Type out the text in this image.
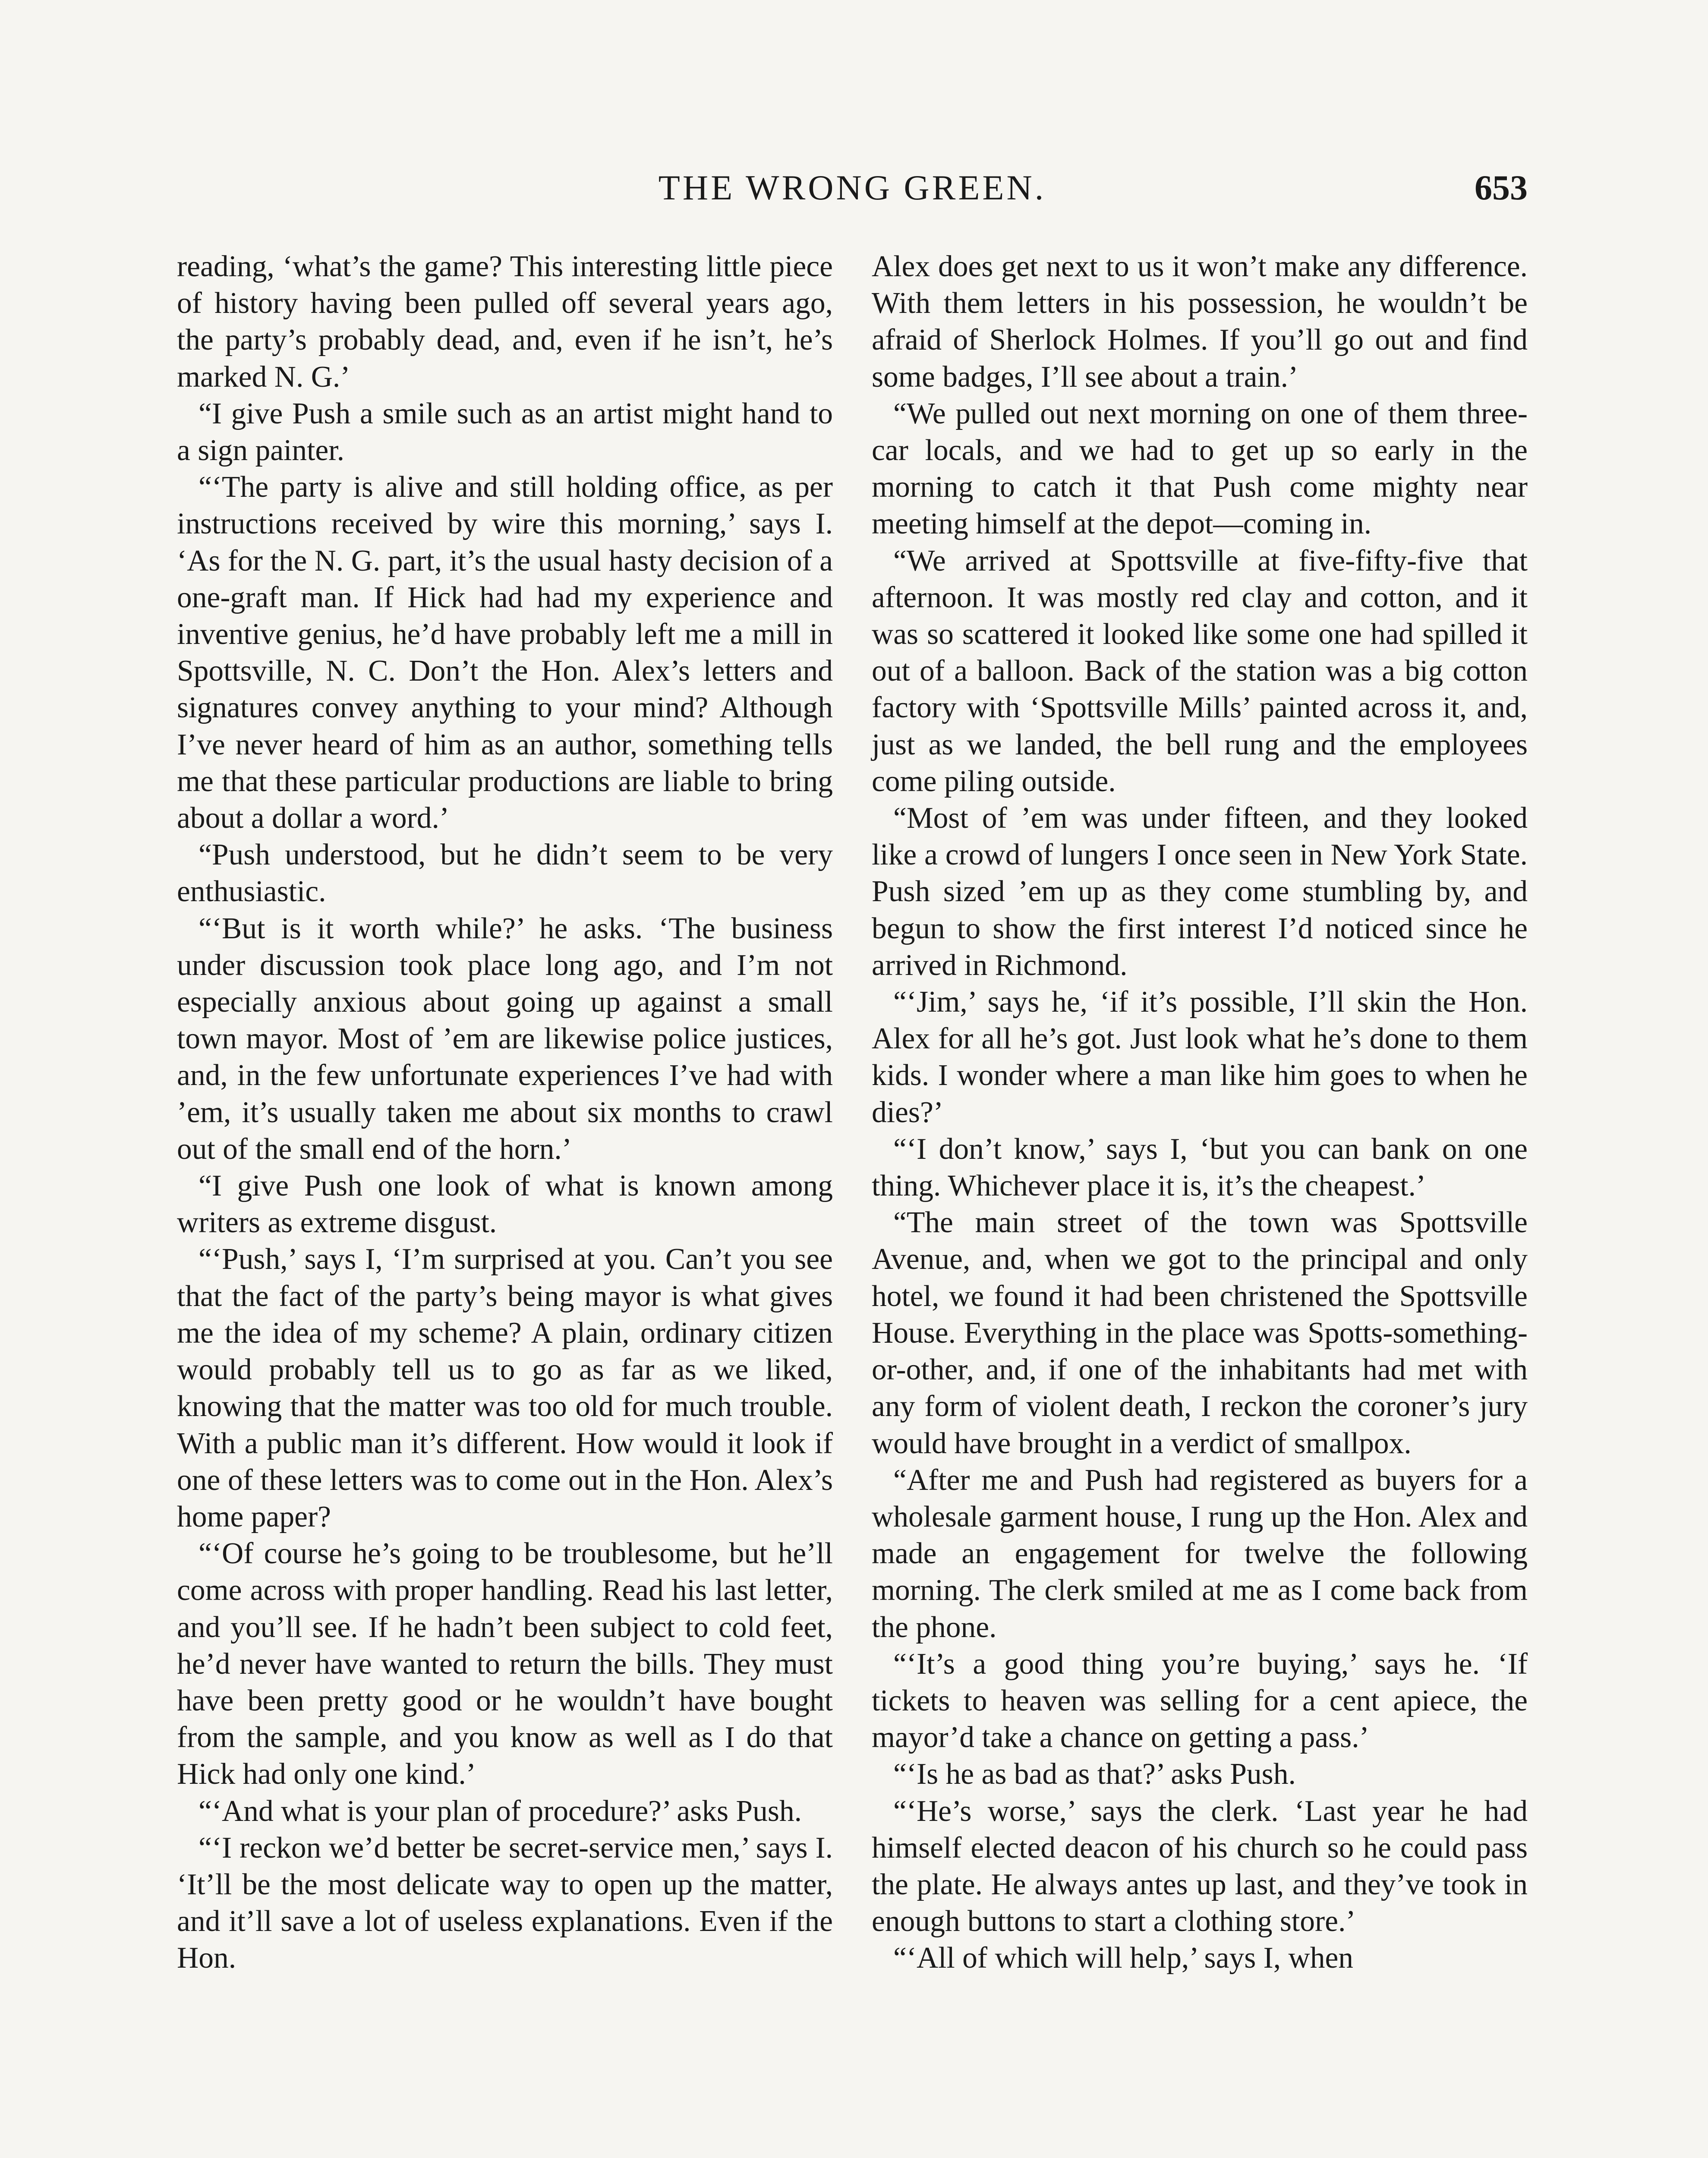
THE WRONG GREEN.	653

reading, ‘what’s the game? This interesting little piece of history having been pulled off several years ago, the party’s probably dead, and, even if he isn’t, he’s marked N. G.’

“I give Push a smile such as an artist might hand to a sign painter.

“‘The party is alive and still holding office, as per instructions received by wire this morning,’ says I. ‘As for the N. G. part, it’s the usual hasty decision of a one-graft man. If Hick had had my experience and inventive genius, he’d have probably left me a mill in Spottsville, N. C. Don’t the Hon. Alex’s letters and signatures convey anything to your mind? Although I’ve never heard of him as an author, something tells me that these particular productions are liable to bring about a dollar a word.’

“Push understood, but he didn’t seem to be very enthusiastic.

“‘But is it worth while?’ he asks. ‘The business under discussion took place long ago, and I’m not especially anxious about going up against a small town mayor. Most of ’em are likewise police justices, and, in the few unfortunate experiences I’ve had with ’em, it’s usually taken me about six months to crawl out of the small end of the horn.’

“I give Push one look of what is known among writers as extreme disgust.

“‘Push,’ says I, ‘I’m surprised at you. Can’t you see that the fact of the party’s being mayor is what gives me the idea of my scheme? A plain, ordinary citizen would probably tell us to go as far as we liked, knowing that the matter was too old for much trouble. With a public man it’s different. How would it look if one of these letters was to come out in the Hon. Alex’s home paper?

“‘Of course he’s going to be troublesome, but he’ll come across with proper handling. Read his last letter, and you’ll see. If he hadn’t been subject to cold feet, he’d never have wanted to return the bills. They must have been pretty good or he wouldn’t have bought from the sample, and you know as well as I do that Hick had only one kind.’

“‘And what is your plan of procedure?’ asks Push.

“‘I reckon we’d better be secret-service men,’ says I. ‘It’ll be the most delicate way to open up the matter, and it’ll save a lot of useless explanations. Even if the Hon.

Alex does get next to us it won’t make any difference. With them letters in his possession, he wouldn’t be afraid of Sherlock Holmes. If you’ll go out and find some badges, I’ll see about a train.’

“We pulled out next morning on one of them three-car locals, and we had to get up so early in the morning to catch it that Push come mighty near meeting himself at the depot—coming in.

“We arrived at Spottsville at five-fifty-five that afternoon. It was mostly red clay and cotton, and it was so scattered it looked like some one had spilled it out of a balloon. Back of the station was a big cotton factory with ‘Spottsville Mills’ painted across it, and, just as we landed, the bell rung and the employees come piling outside.

“Most of ’em was under fifteen, and they looked like a crowd of lungers I once seen in New York State. Push sized ’em up as they come stumbling by, and begun to show the first interest I’d noticed since he arrived in Richmond.

“‘Jim,’ says he, ‘if it’s possible, I’ll skin the Hon. Alex for all he’s got. Just look what he’s done to them kids. I wonder where a man like him goes to when he dies?’

“‘I don’t know,’ says I, ‘but you can bank on one thing. Whichever place it is, it’s the cheapest.’

“The main street of the town was Spottsville Avenue, and, when we got to the principal and only hotel, we found it had been christened the Spottsville House. Everything in the place was Spotts-something-or-other, and, if one of the inhabitants had met with any form of violent death, I reckon the coroner’s jury would have brought in a verdict of smallpox.

“After me and Push had registered as buyers for a wholesale garment house, I rung up the Hon. Alex and made an engagement for twelve the following morning. The clerk smiled at me as I come back from the phone.

“‘It’s a good thing you’re buying,’ says he. ‘If tickets to heaven was selling for a cent apiece, the mayor’d take a chance on getting a pass.’

“‘Is he as bad as that?’ asks Push.

“‘He’s worse,’ says the clerk. ‘Last year he had himself elected deacon of his church so he could pass the plate. He always antes up last, and they’ve took in enough buttons to start a clothing store.’

“‘All of which will help,’ says I, when
